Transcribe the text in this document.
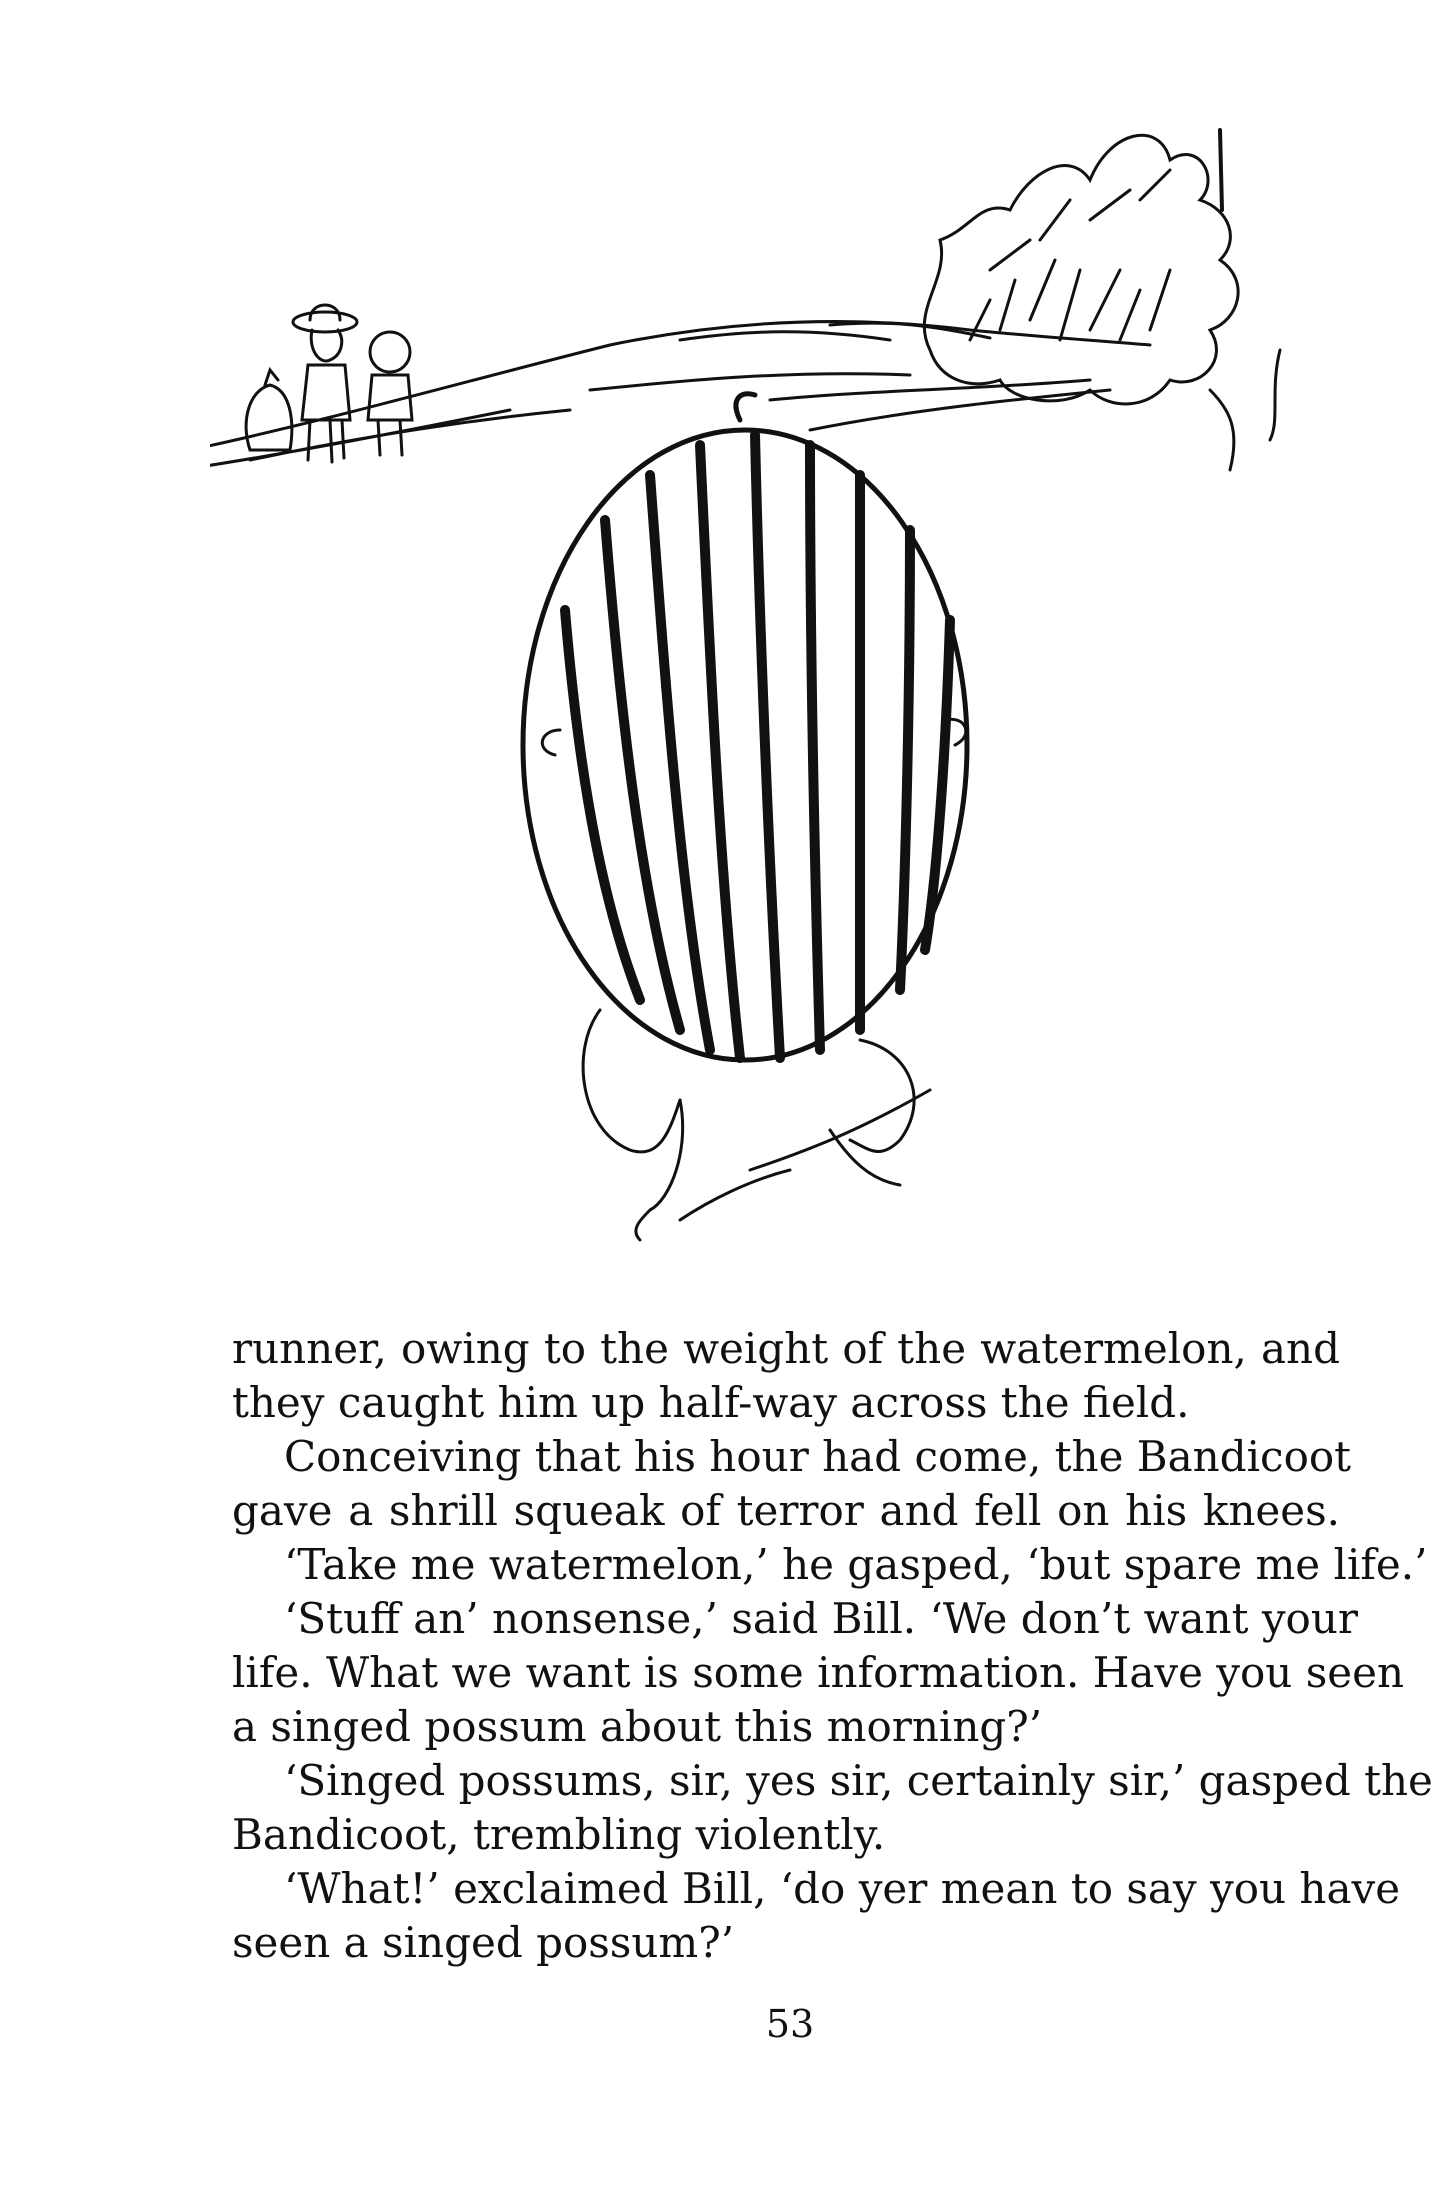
runner, owing to the weight of the watermelon, and
they caught him up half-way across the field.
Conceiving that his hour had come, the Bandicoot
gave a shrill squeak of terror and fell on his knees.
‘Take me watermelon,’ he gasped, ‘but spare me life.’
‘Stuff an’ nonsense,’ said Bill. ‘We don’t want your
life. What we want is some information. Have you seen
a singed possum about this morning?’
‘Singed possums, sir, yes sir, certainly sir,’ gasped the
Bandicoot, trembling violently.
‘What!’ exclaimed Bill, ‘do yer mean to say you have
seen a singed possum?’
53
